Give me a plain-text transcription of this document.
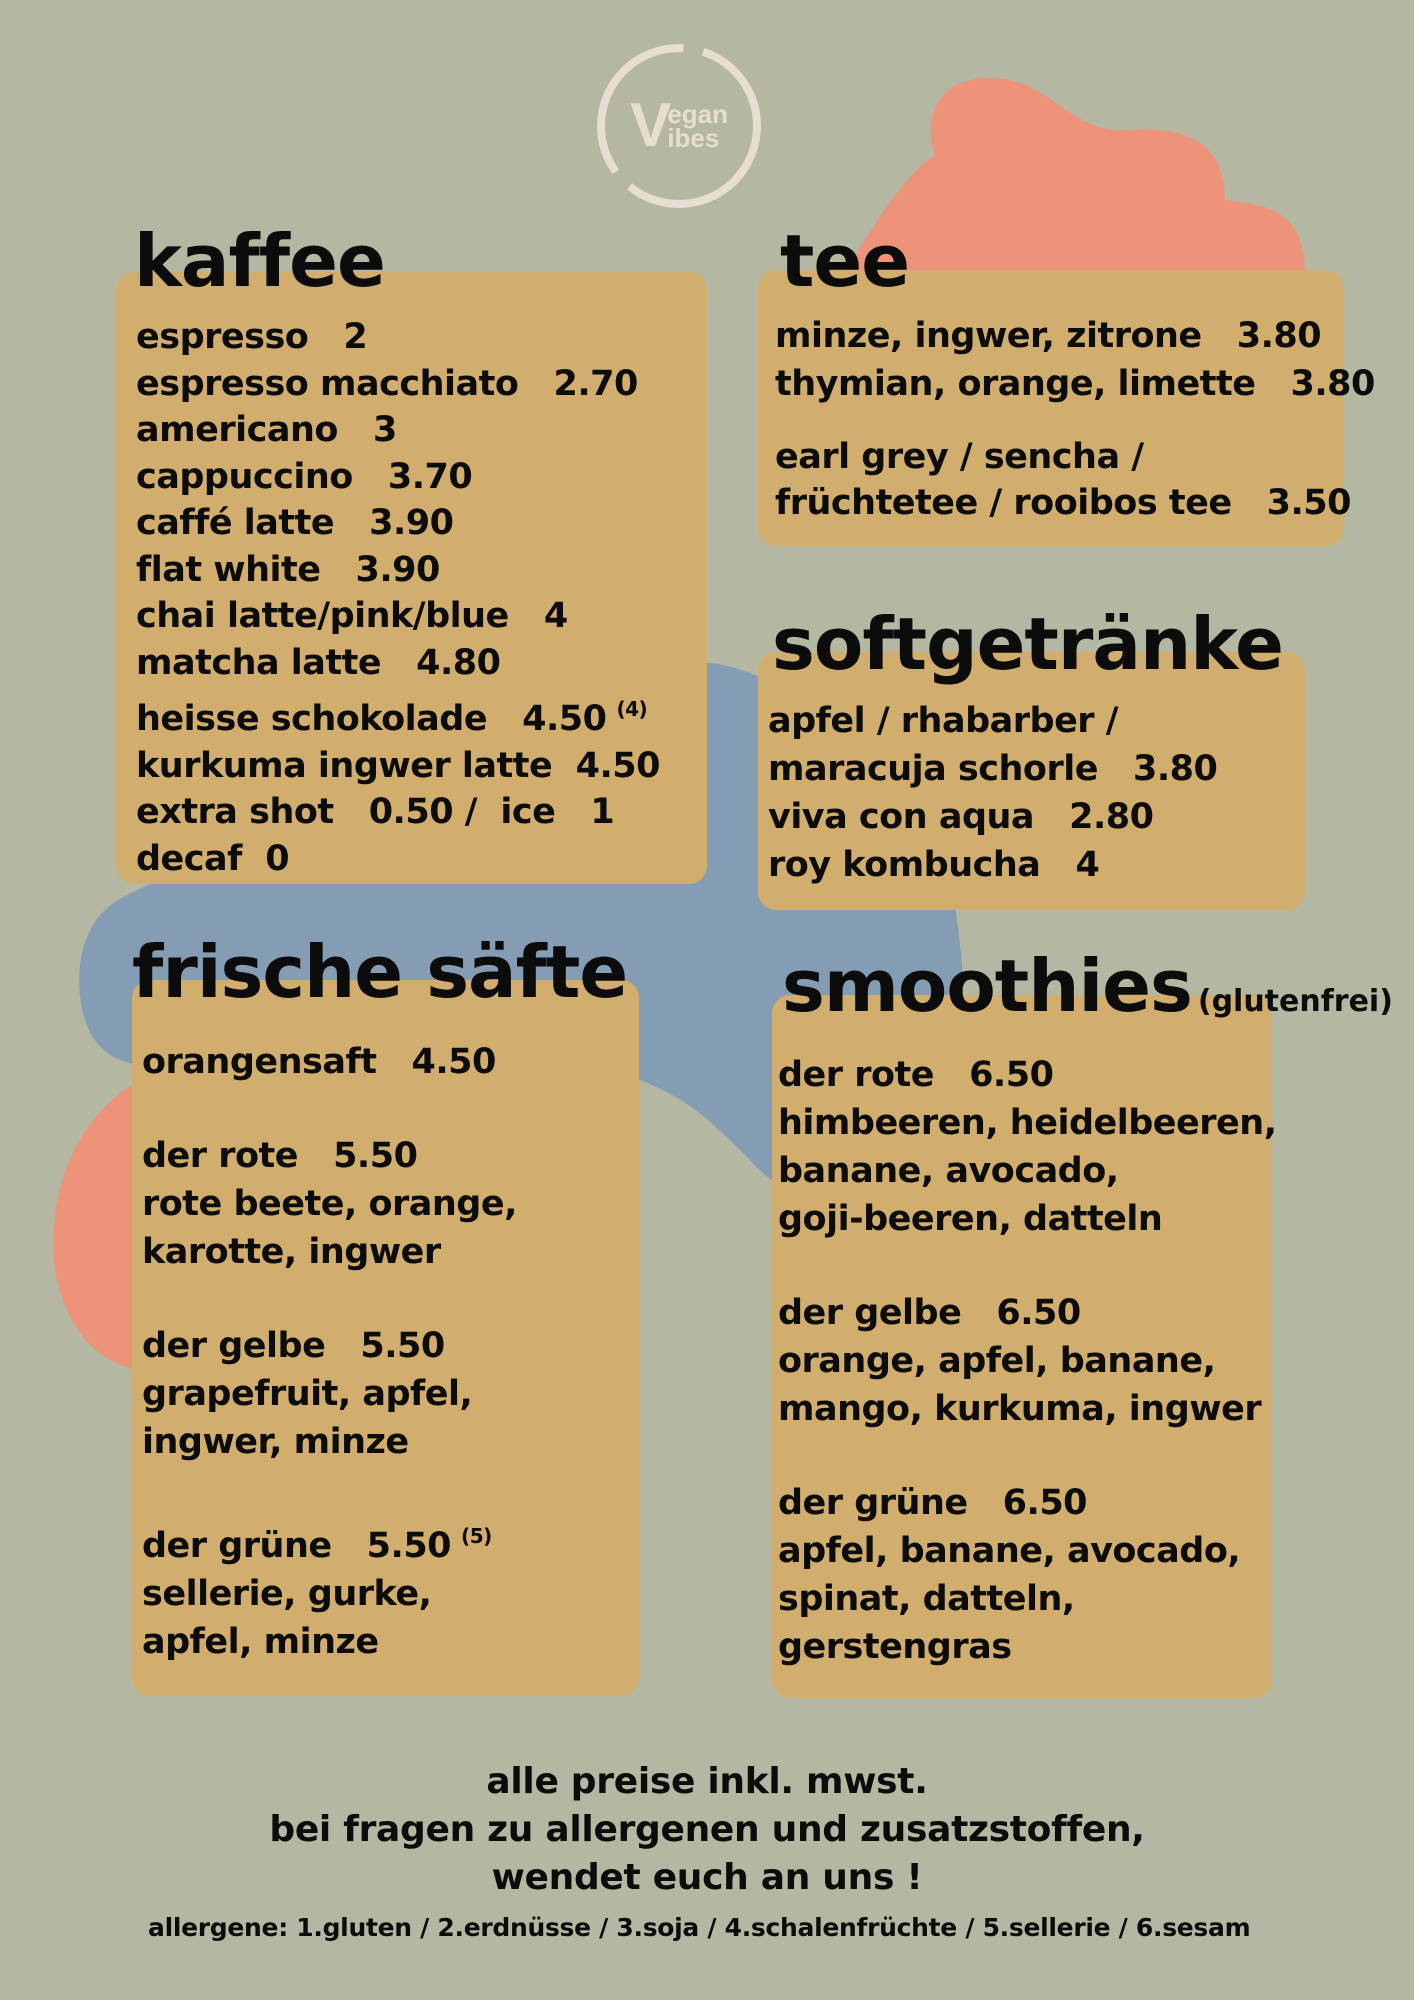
V
egan
ibes
kaffee
espresso   2
espresso macchiato   2.70
americano   3
cappuccino   3.70
caffé latte   3.90
flat white   3.90
chai latte/pink/blue   4
matcha latte   4.80
heisse schokolade   4.50 $^{(4)}$
kurkuma ingwer latte  4.50
extra shot   0.50 /  ice   1
decaf  0
tee
minze, ingwer, zitrone   3.80
thymian, orange, limette   3.80
earl grey / sencha /
früchtetee / rooibos tee   3.50
softgetränke
apfel / rhabarber /
maracuja schorle   3.80
viva con aqua   2.80
roy kombucha   4
frische säfte
orangensaft   4.50
der rote   5.50
rote beete, orange,
karotte, ingwer
der gelbe   5.50
grapefruit, apfel,
ingwer, minze
der grüne   5.50 $^{(5)}$
sellerie, gurke,
apfel, minze
smoothies (glutenfrei)
der rote   6.50
himbeeren, heidelbeeren,
banane, avocado,
goji-beeren, datteln
der gelbe   6.50
orange, apfel, banane,
mango, kurkuma, ingwer
der grüne   6.50
apfel, banane, avocado,
spinat, datteln,
gerstengras
alle preise inkl. mwst.
bei fragen zu allergenen und zusatzstoffen,
wendet euch an uns !
allergene: 1.gluten / 2.erdnüsse / 3.soja / 4.schalenfrüchte / 5.sellerie / 6.sesam
